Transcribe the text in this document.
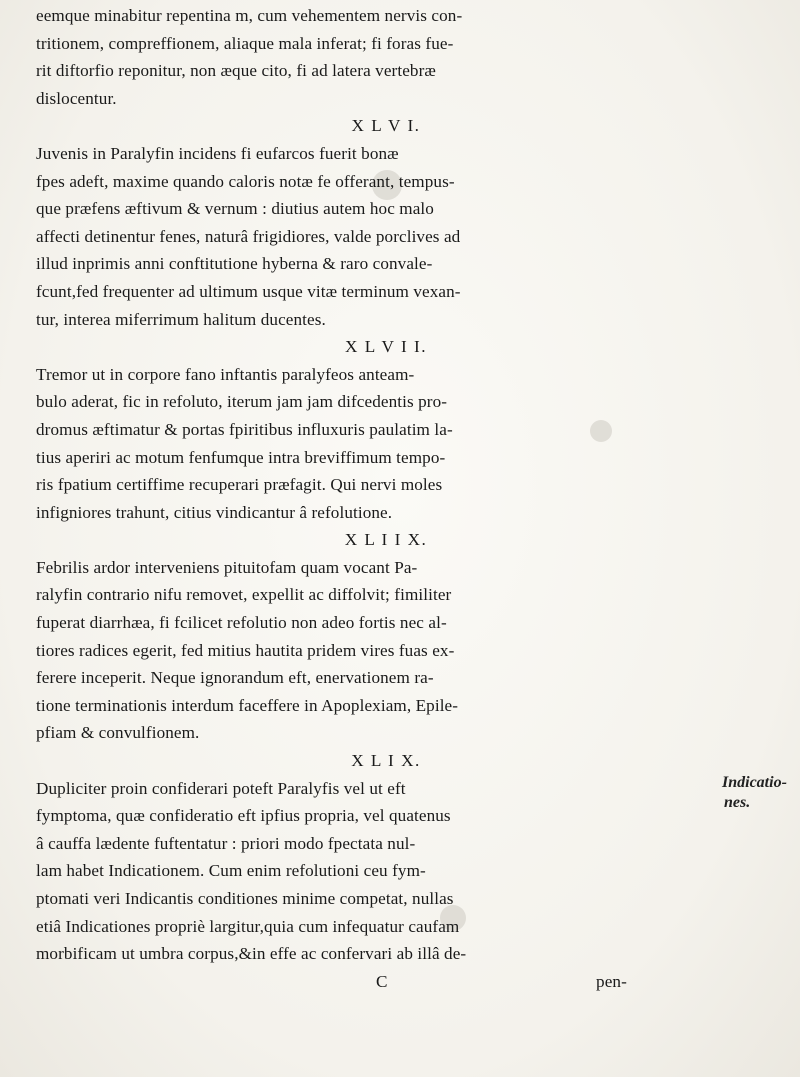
eemque minabitur repentina m, cum vehementem nervis con-
tritionem, compreffionem, aliaque mala inferat; fi foras fue-
rit diftorfio reponitur, non æque cito, fi ad latera vertebræ
dislocentur.
X L V I.
Juvenis in Paralyfin incidens fi eufarcos fuerit bonæ
fpes adeft, maxime quando caloris notæ fe offerant, tempus-
que præfens æftivum & vernum : diutius autem hoc malo
affecti detinentur fenes, naturâ frigidiores, valde porclives ad
illud inprimis anni conftitutione hyberna & raro convale-
fcunt,fed frequenter ad ultimum usque vitæ terminum vexan-
tur, interea miferrimum halitum ducentes.
X L V I I.
Tremor ut in corpore fano inftantis paralyfeos anteam-
bulo aderat, fic in refoluto, iterum jam jam difcedentis pro-
dromus æftimatur & portas fpiritibus influxuris paulatim la-
tius aperiri ac motum fenfumque intra breviffimum tempo-
ris fpatium certiffime recuperari præfagit. Qui nervi moles
infigniores trahunt, citius vindicantur â refolutione.
X L I I X.
Febrilis ardor interveniens pituitofam quam vocant Pa-
ralyfin contrario nifu removet, expellit ac diffolvit; fimiliter
fuperat diarrhæa, fi fcilicet refolutio non adeo fortis nec al-
tiores radices egerit, fed mitius hautita pridem vires fuas ex-
ferere inceperit. Neque ignorandum eft, enervationem ra-
tione terminationis interdum faceffere in Apoplexiam, Epile-
pfiam & convulfionem.
X L I X.
Dupliciter proin confiderari poteft Paralyfis vel ut eft
fymptoma, quæ confideratio eft ipfius propria, vel quatenus
â cauffa lædente fuftentatur : priori modo fpectata nul-
lam habet Indicationem. Cum enim refolutioni ceu fym-
ptomati veri Indicantis conditiones minime competat, nullas
etiâ Indicationes propriè largitur,quia cum infequatur caufam
morbificam ut umbra corpus,&in effe ac confervari ab illâ de-
C	pen-
Indicatio-
nes.
